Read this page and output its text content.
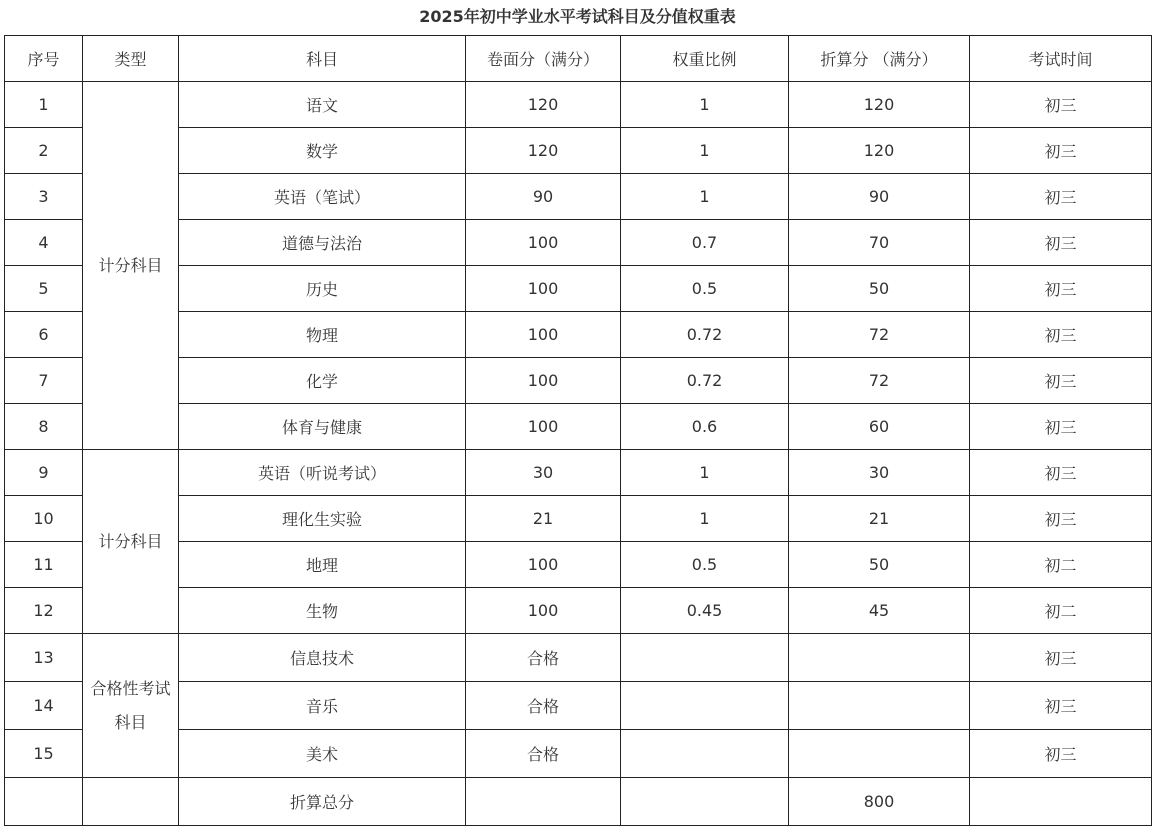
2025年初中学业水平考试科目及分值权重表
序号	类型	科目	卷面分（满分）	权重比例	折算分 （满分）	考试时间
1	计分科目	语文	120	1	120	初三
2		数学	120	1	120	初三
3		英语（笔试）	90	1	90	初三
4		道德与法治	100	0.7	70	初三
5		历史	100	0.5	50	初三
6		物理	100	0.72	72	初三
7		化学	100	0.72	72	初三
8		体育与健康	100	0.6	60	初三
9	计分科目	英语（听说考试）	30	1	30	初三
10		理化生实验	21	1	21	初三
11		地理	100	0.5	50	初二
12		生物	100	0.45	45	初二
13	合格性考试科目	信息技术	合格			初三
14		音乐	合格			初三
15		美术	合格			初三
		折算总分			800	
